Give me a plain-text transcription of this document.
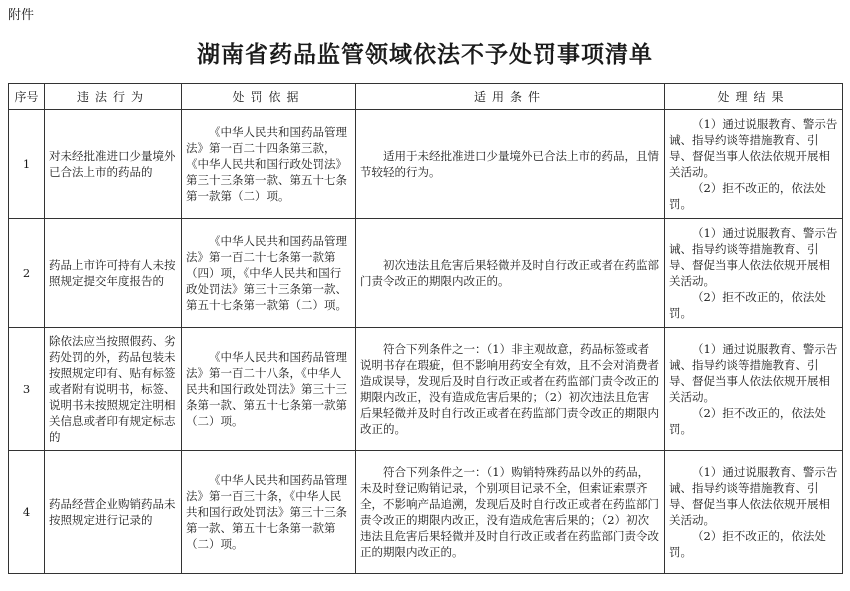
附件
湖南省药品监管领域依法不予处罚事项清单
序号	违法行为	处罚依据	适用条件	处理结果
1	对未经批准进口少量境外已合法上市的药品的	《中华人民共和国药品管理法》第一百二十四条第三款，《中华人民共和国行政处罚法》第三十三条第一款、第五十七条第一款第（二）项。	适用于未经批准进口少量境外已合法上市的药品，且情节较轻的行为。	（1）通过说服教育、警示告诫、指导约谈等措施教育、引导、督促当事人依法依规开展相关活动。

（2）拒不改正的，依法处罚。

2	药品上市许可持有人未按照规定提交年度报告的	《中华人民共和国药品管理法》第一百二十七条第一款第（四）项，《中华人民共和国行政处罚法》第三十三条第一款、第五十七条第一款第（二）项。	初次违法且危害后果轻微并及时自行改正或者在药监部门责令改正的期限内改正的。	（1）通过说服教育、警示告诫、指导约谈等措施教育、引导、督促当事人依法依规开展相关活动。

（2）拒不改正的，依法处罚。

3	除依法应当按照假药、劣药处罚的外，药品包装未按照规定印有、贴有标签或者附有说明书，标签、说明书未按照规定注明相关信息或者印有规定标志的	《中华人民共和国药品管理法》第一百二十八条，《中华人民共和国行政处罚法》第三十三条第一款、第五十七条第一款第（二）项。	符合下列条件之一：（1）非主观故意，药品标签或者说明书存在瑕疵，但不影响用药安全有效，且不会对消费者造成误导，发现后及时自行改正或者在药监部门责令改正的期限内改正，没有造成危害后果的；（2）初次违法且危害后果轻微并及时自行改正或者在药监部门责令改正的期限内改正的。	（1）通过说服教育、警示告诫、指导约谈等措施教育、引导、督促当事人依法依规开展相关活动。

（2）拒不改正的，依法处罚。

4	药品经营企业购销药品未按照规定进行记录的	《中华人民共和国药品管理法》第一百三十条，《中华人民共和国行政处罚法》第三十三条第一款、第五十七条第一款第（二）项。	符合下列条件之一：（1）购销特殊药品以外的药品，未及时登记购销记录，个别项目记录不全，但索证索票齐全，不影响产品追溯，发现后及时自行改正或者在药监部门责令改正的期限内改正，没有造成危害后果的；（2）初次违法且危害后果轻微并及时自行改正或者在药监部门责令改正的期限内改正的。	（1）通过说服教育、警示告诫、指导约谈等措施教育、引导、督促当事人依法依规开展相关活动。

（2）拒不改正的，依法处罚。
